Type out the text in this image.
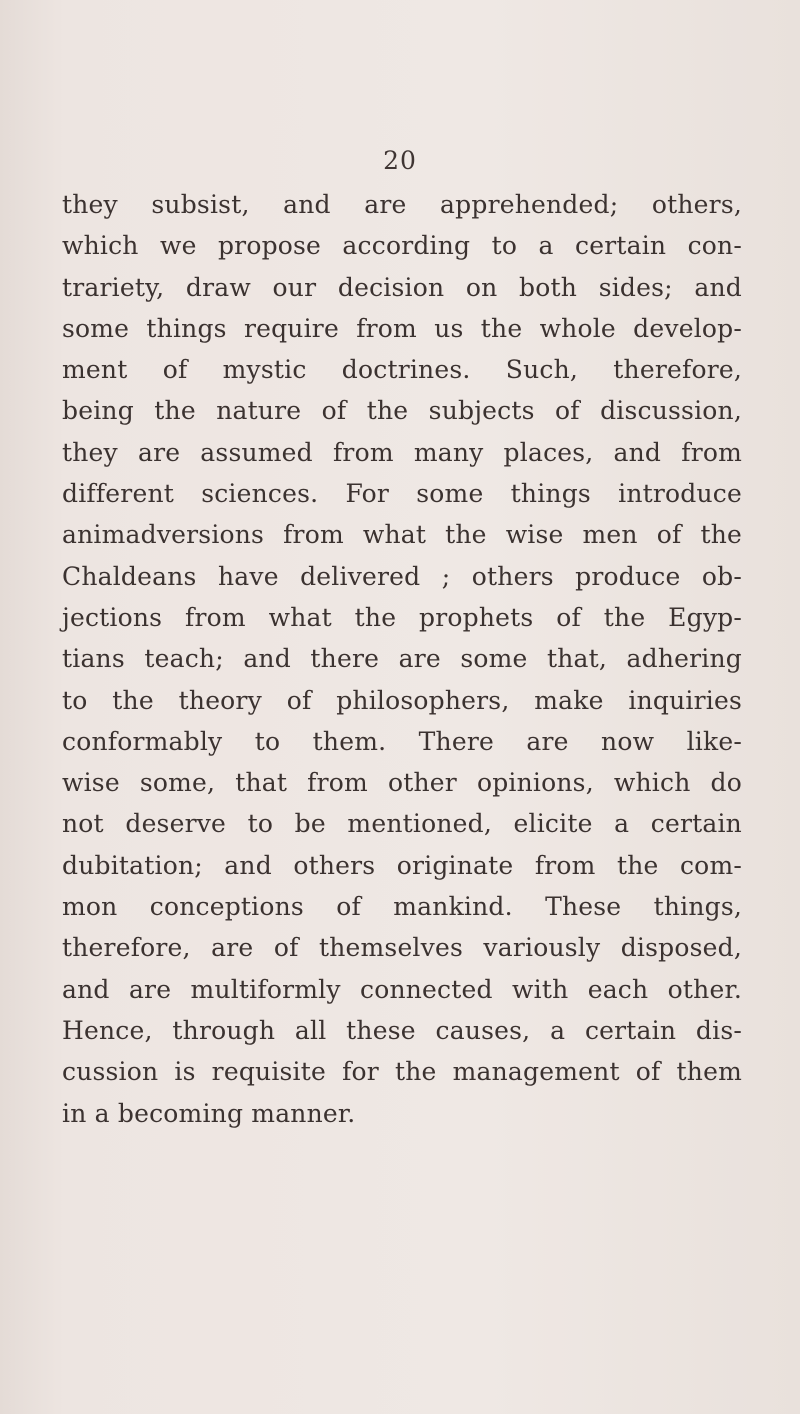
20
they subsist, and are apprehended; others,
which we propose according to a certain con-
trariety, draw our decision on both sides; and
some things require from us the whole develop-
ment of mystic doctrines. Such, therefore,
being the nature of the subjects of discussion,
they are assumed from many places, and from
different sciences. For some things introduce
animadversions from what the wise men of the
Chaldeans have delivered ; others produce ob-
jections from what the prophets of the Egyp-
tians teach; and there are some that, adhering
to the theory of philosophers, make inquiries
conformably to them. There are now like-
wise some, that from other opinions, which do
not deserve to be mentioned, elicite a certain
dubitation; and others originate from the com-
mon conceptions of mankind. These things,
therefore, are of themselves variously disposed,
and are multiformly connected with each other.
Hence, through all these causes, a certain dis-
cussion is requisite for the management of them
in a becoming manner.
